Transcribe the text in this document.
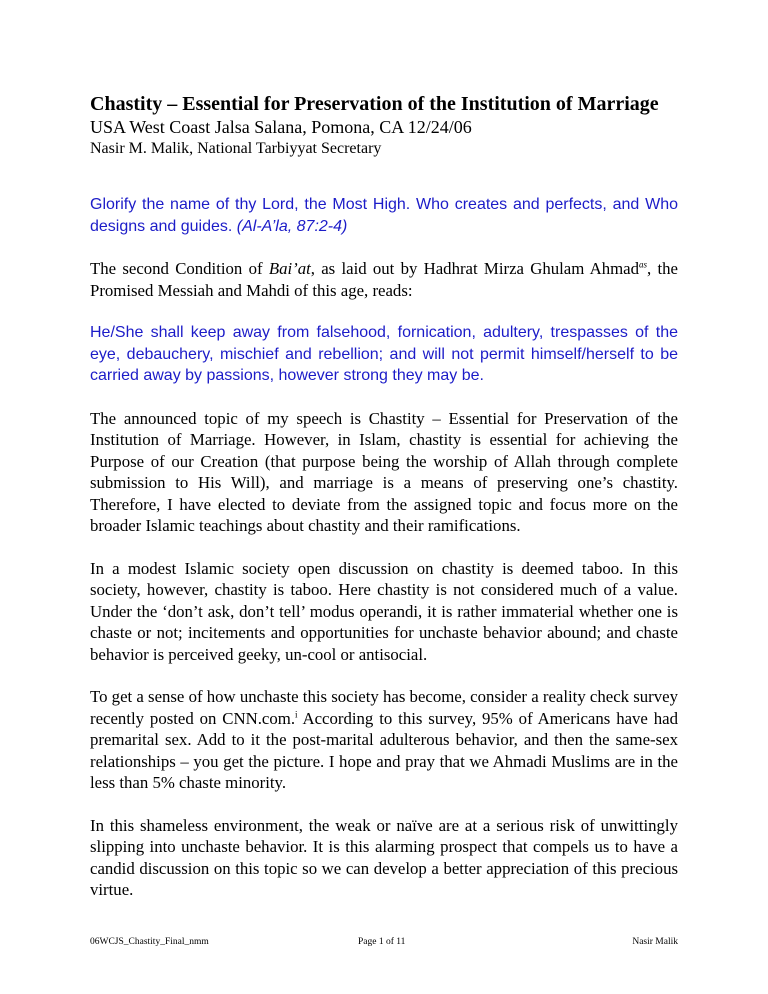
Chastity – Essential for Preservation of the Institution of Marriage

USA West Coast Jalsa Salana, Pomona, CA 12/24/06

Nasir M. Malik, National Tarbiyyat Secretary

Glorify the name of thy Lord, the Most High. Who creates and perfects, and Who designs and guides. (Al-A’la, 87:2-4)

The second Condition of Bai’at, as laid out by Hadhrat Mirza Ghulam Ahmad$^{as}$, the Promised Messiah and Mahdi of this age, reads:

He/She shall keep away from falsehood, fornication, adultery, trespasses of the eye, debauchery, mischief and rebellion; and will not permit himself/herself to be carried away by passions, however strong they may be.

The announced topic of my speech is Chastity – Essential for Preservation of the Institution of Marriage. However, in Islam, chastity is essential for achieving the Purpose of our Creation (that purpose being the worship of Allah through complete submission to His Will), and marriage is a means of preserving one’s chastity. Therefore, I have elected to deviate from the assigned topic and focus more on the broader Islamic teachings about chastity and their ramifications.

In a modest Islamic society open discussion on chastity is deemed taboo. In this society, however, chastity is taboo. Here chastity is not considered much of a value. Under the ‘don’t ask, don’t tell’ modus operandi, it is rather immaterial whether one is chaste or not; incitements and opportunities for unchaste behavior abound; and chaste behavior is perceived geeky, un-cool or antisocial.

To get a sense of how unchaste this society has become, consider a reality check survey recently posted on CNN.com.$^i$ According to this survey, 95% of Americans have had premarital sex. Add to it the post-marital adulterous behavior, and then the same-sex relationships – you get the picture. I hope and pray that we Ahmadi Muslims are in the less than 5% chaste minority.

In this shameless environment, the weak or naïve are at a serious risk of unwittingly slipping into unchaste behavior. It is this alarming prospect that compels us to have a candid discussion on this topic so we can develop a better appreciation of this precious virtue.

06WCJS_Chastity_Final_nmm	Page 1 of 11	Nasir Malik
